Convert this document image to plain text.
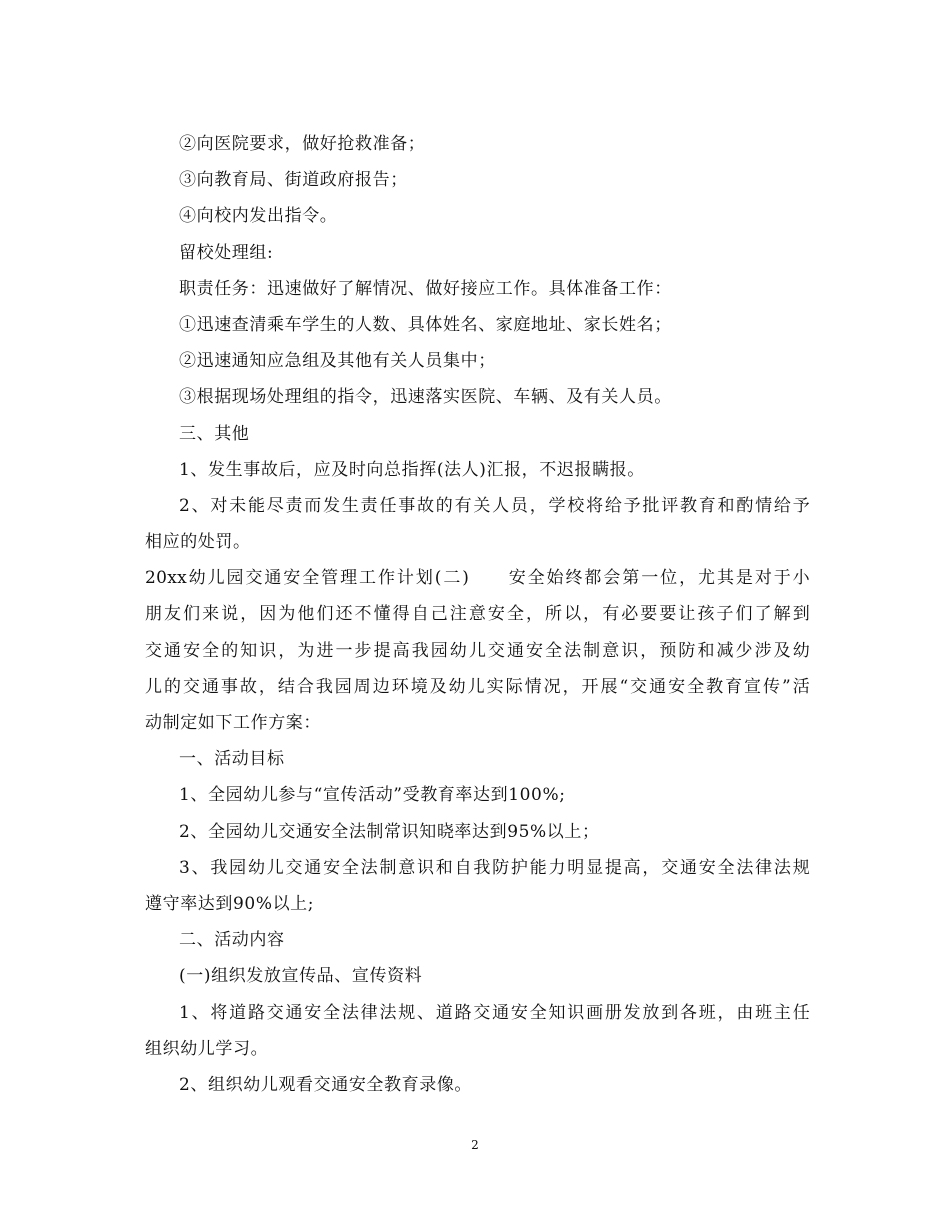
②向医院要求，做好抢救准备；
③向教育局、街道政府报告；
④向校内发出指令。
留校处理组:
职责任务：迅速做好了解情况、做好接应工作。具体准备工作：
①迅速查清乘车学生的人数、具体姓名、家庭地址、家长姓名；
②迅速通知应急组及其他有关人员集中；
③根据现场处理组的指令，迅速落实医院、车辆、及有关人员。
三、其他
1、发生事故后，应及时向总指挥(法人)汇报，不迟报瞒报。
2、对未能尽责而发生责任事故的有关人员，学校将给予批评教育和酌情给予
相应的处罚。
20xx幼儿园交通安全管理工作计划(二)　　安全始终都会第一位，尤其是对于小
朋友们来说，因为他们还不懂得自己注意安全，所以，有必要要让孩子们了解到
交通安全的知识，为进一步提高我园幼儿交通安全法制意识，预防和减少涉及幼
儿的交通事故，结合我园周边环境及幼儿实际情况，开展“交通安全教育宣传”活
动制定如下工作方案：
一、活动目标
1、全园幼儿参与“宣传活动”受教育率达到100%;
2、全园幼儿交通安全法制常识知晓率达到95%以上；
3、我园幼儿交通安全法制意识和自我防护能力明显提高，交通安全法律法规
遵守率达到90%以上;
二、活动内容
(一)组织发放宣传品、宣传资料
1、将道路交通安全法律法规、道路交通安全知识画册发放到各班，由班主任
组织幼儿学习。
2、组织幼儿观看交通安全教育录像。
2
